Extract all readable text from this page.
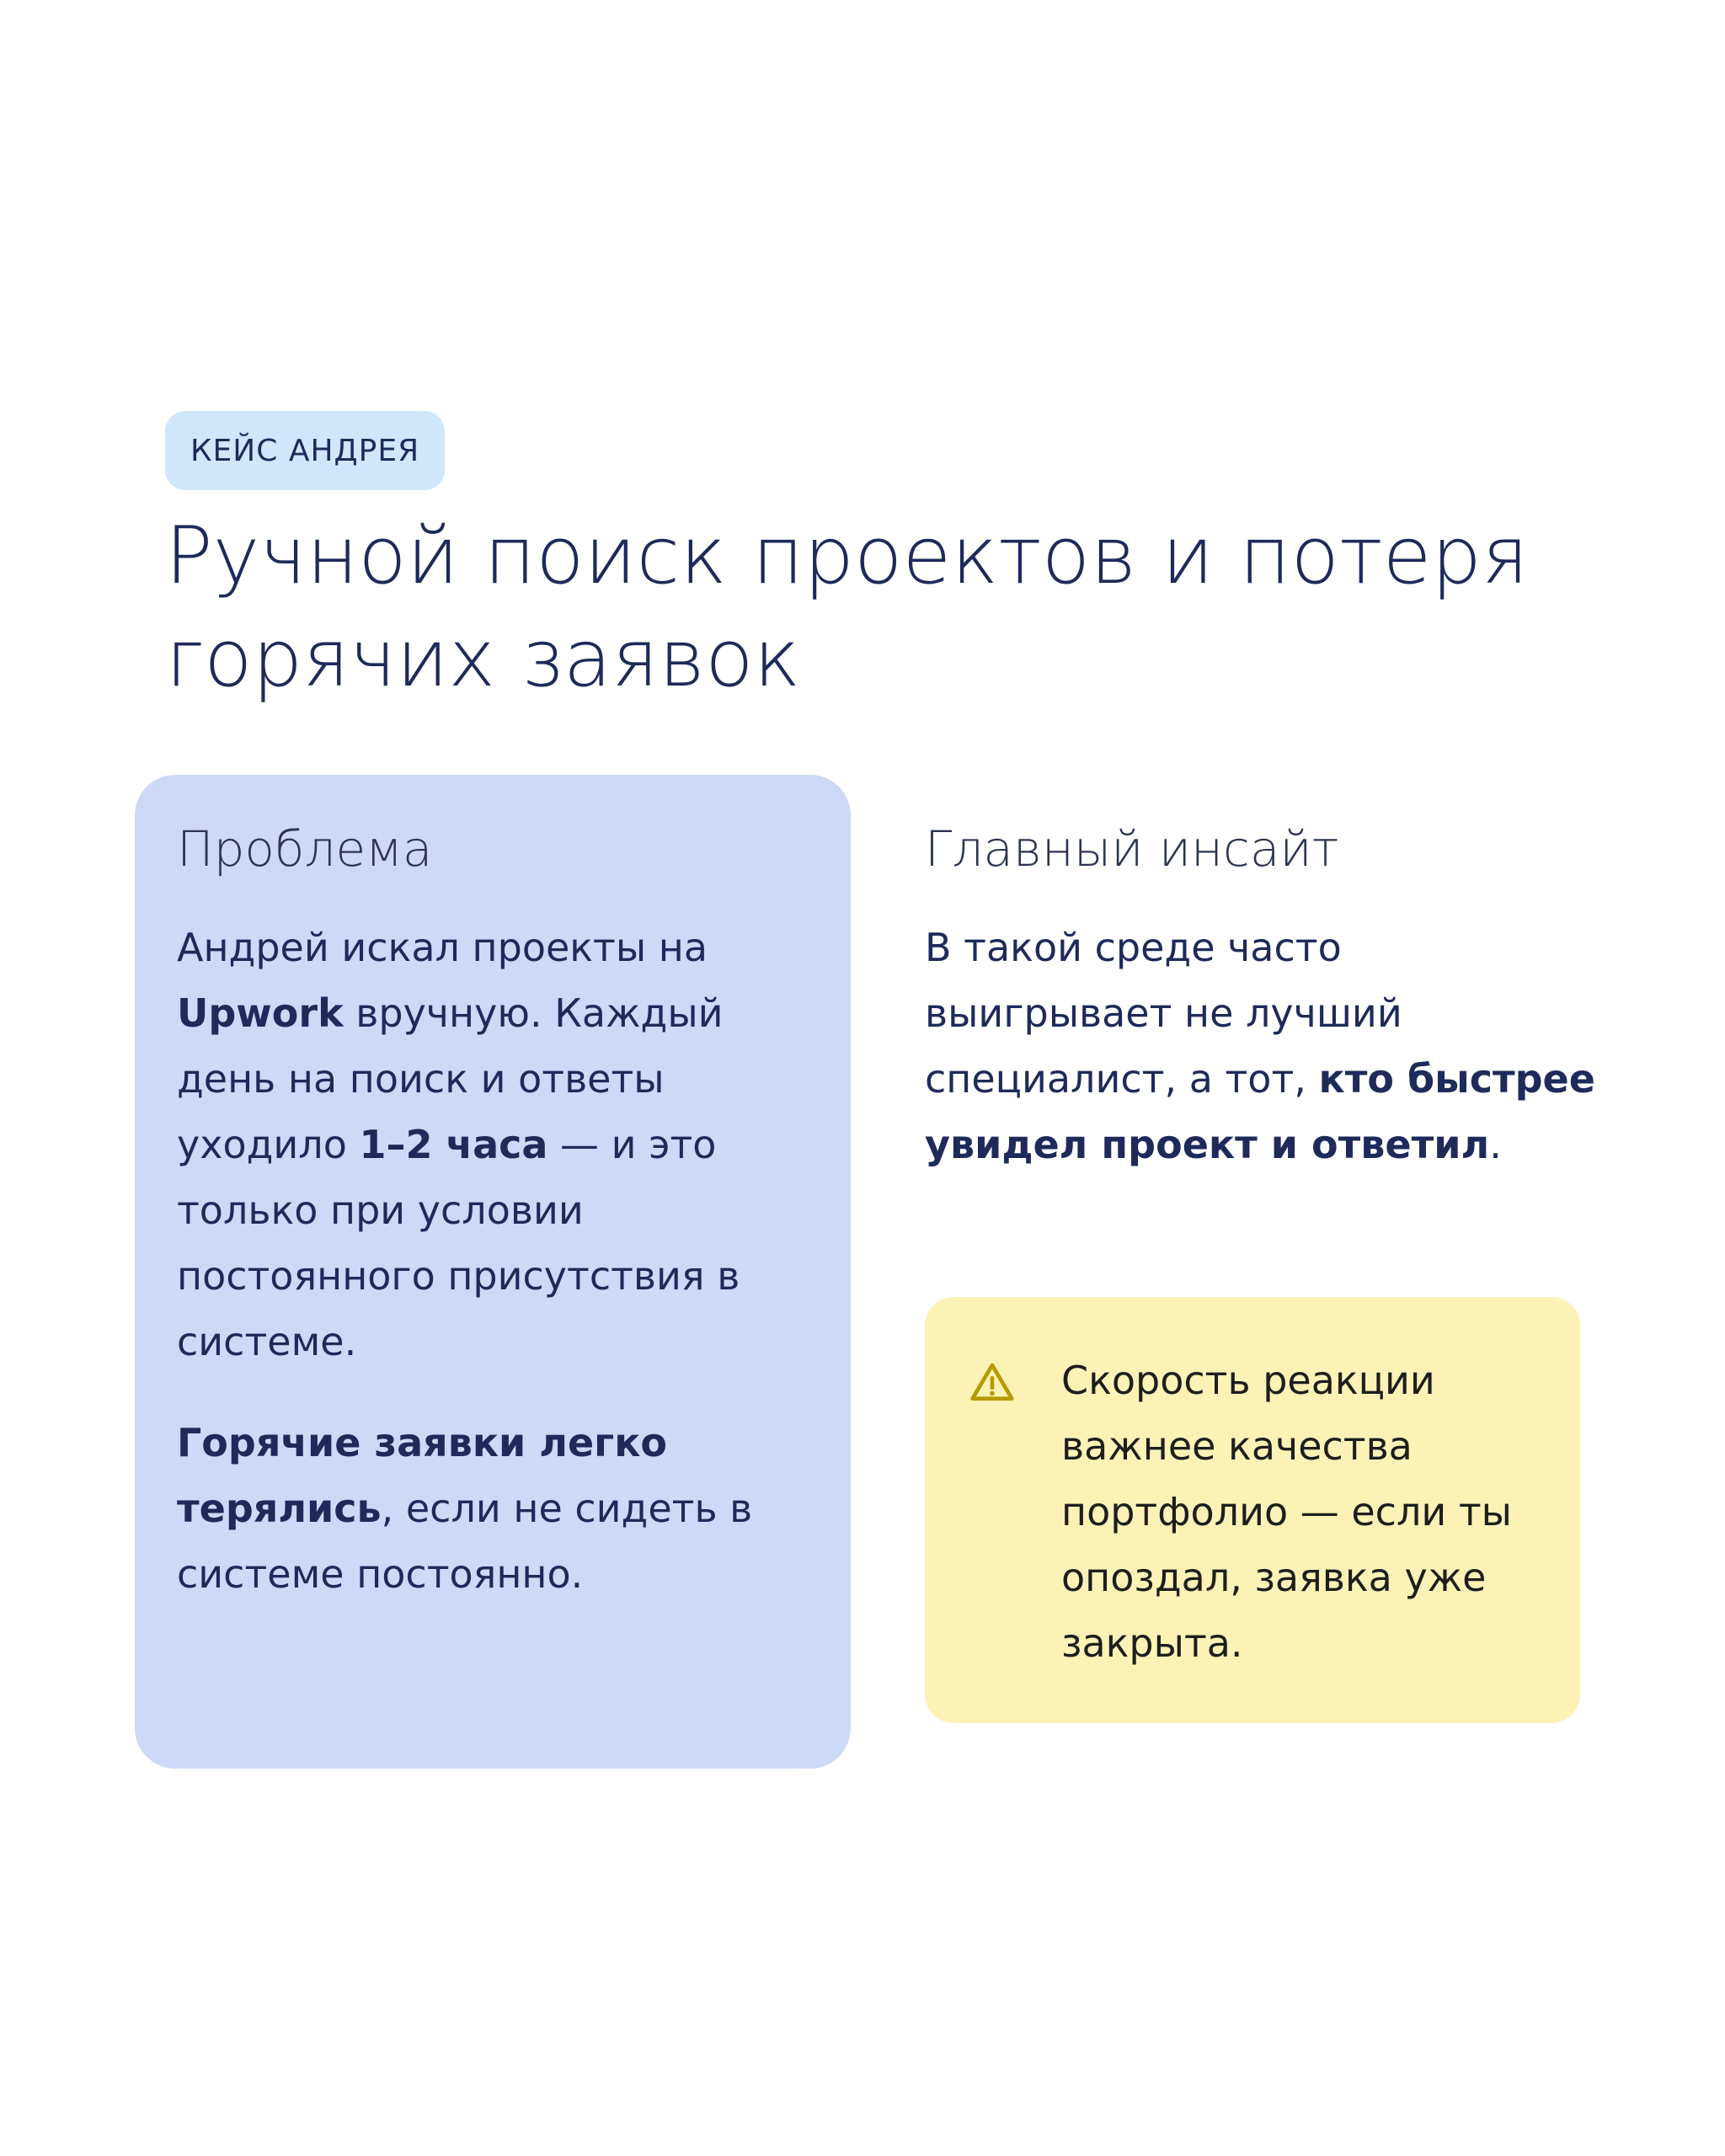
КЕЙС АНДРЕЯ
Ручной поиск проектов и потеря горячих заявок
Проблема

Андрей искал проекты на Upwork вручную. Каждый день на поиск и ответы уходило 1–2 часа — и это только при условии постоянного присутствия в системе.

Горячие заявки легко терялись, если не сидеть в системе постоянно.

Главный инсайт

В такой среде часто выигрывает не лучший специалист, а тот, кто быстрее увидел проект и ответил.

Скорость реакции важнее качества портфолио — если ты опоздал, заявка уже закрыта.
